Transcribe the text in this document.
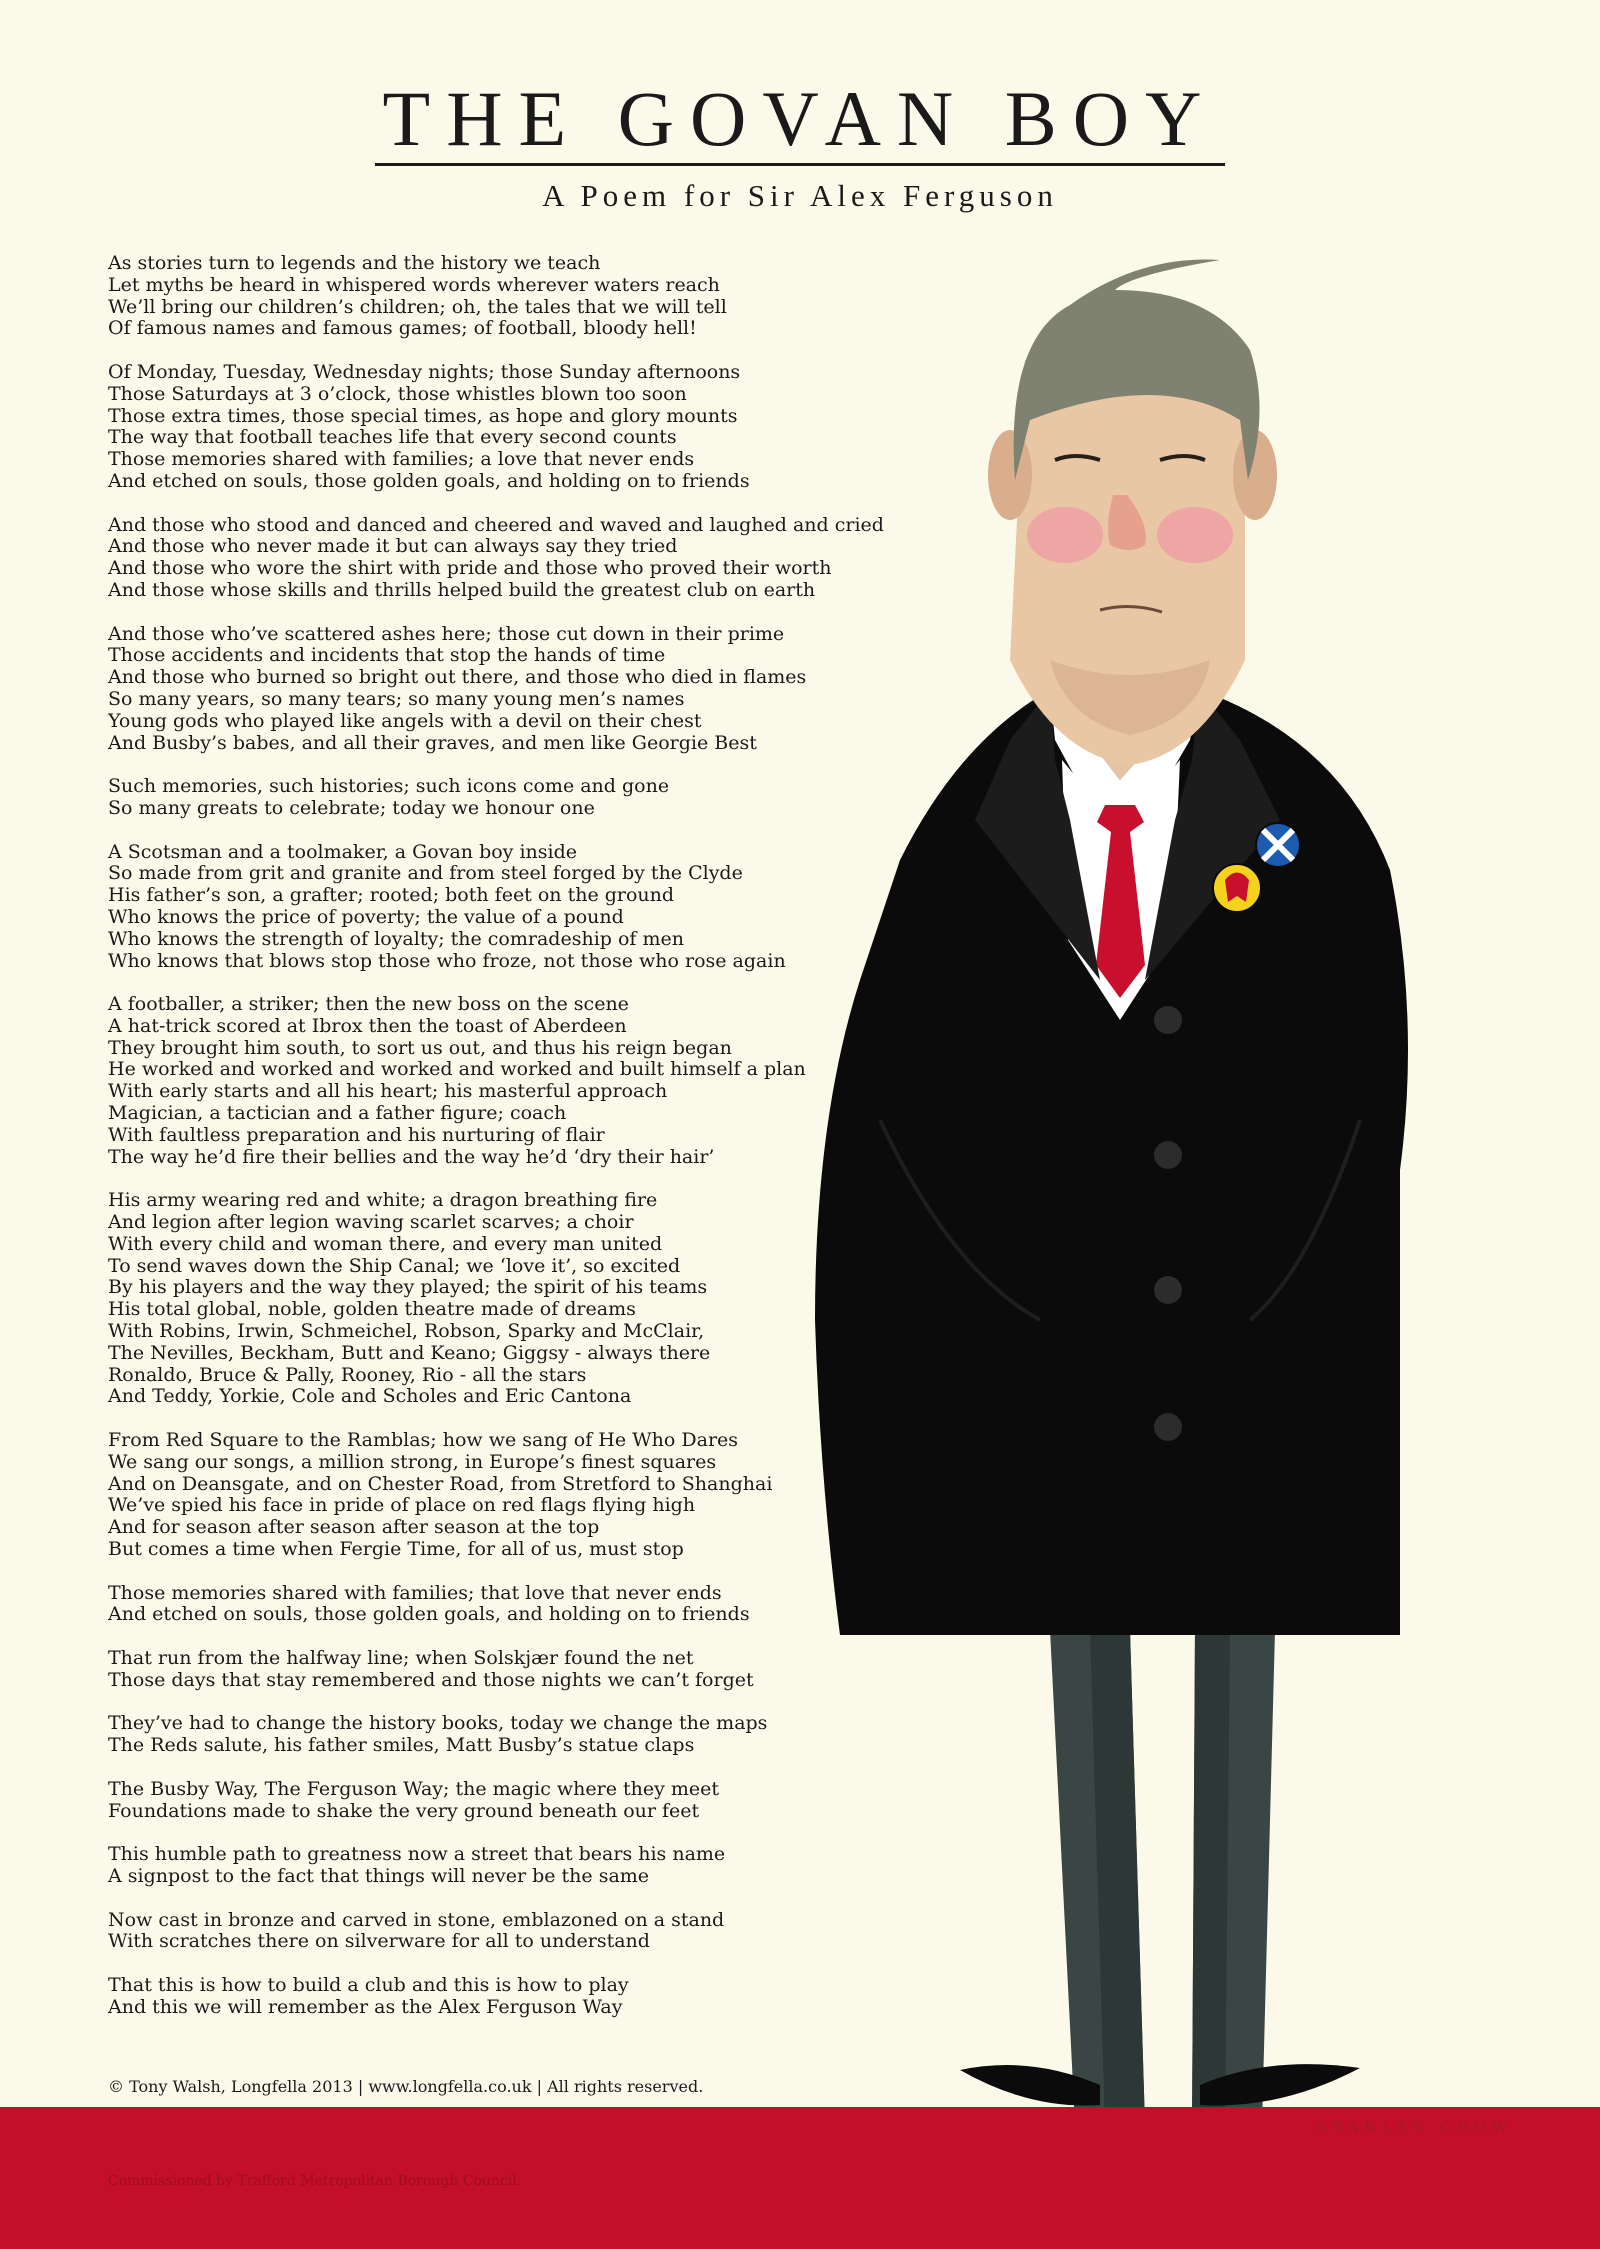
THE GOVAN BOY
A Poem for Sir Alex Ferguson
As stories turn to legends and the history we teach
Let myths be heard in whispered words wherever waters reach
We’ll bring our children’s children; oh, the tales that we will tell
Of famous names and famous games; of football, bloody hell!
Of Monday, Tuesday, Wednesday nights; those Sunday afternoons
Those Saturdays at 3 o’clock, those whistles blown too soon
Those extra times, those special times, as hope and glory mounts
The way that football teaches life that every second counts
Those memories shared with families; a love that never ends
And etched on souls, those golden goals, and holding on to friends
And those who stood and danced and cheered and waved and laughed and cried
And those who never made it but can always say they tried
And those who wore the shirt with pride and those who proved their worth
And those whose skills and thrills helped build the greatest club on earth
And those who’ve scattered ashes here; those cut down in their prime
Those accidents and incidents that stop the hands of time
And those who burned so bright out there, and those who died in flames
So many years, so many tears; so many young men’s names
Young gods who played like angels with a devil on their chest
And Busby’s babes, and all their graves, and men like Georgie Best
Such memories, such histories; such icons come and gone
So many greats to celebrate; today we honour one
A Scotsman and a toolmaker, a Govan boy inside
So made from grit and granite and from steel forged by the Clyde
His father’s son, a grafter; rooted; both feet on the ground
Who knows the price of poverty; the value of a pound
Who knows the strength of loyalty; the comradeship of men
Who knows that blows stop those who froze, not those who rose again
A footballer, a striker; then the new boss on the scene
A hat-trick scored at Ibrox then the toast of Aberdeen
They brought him south, to sort us out, and thus his reign began
He worked and worked and worked and worked and built himself a plan
With early starts and all his heart; his masterful approach
Magician, a tactician and a father figure; coach
With faultless preparation and his nurturing of flair
The way he’d fire their bellies and the way he’d ‘dry their hair’
His army wearing red and white; a dragon breathing fire
And legion after legion waving scarlet scarves; a choir
With every child and woman there, and every man united
To send waves down the Ship Canal; we ‘love it’, so excited
By his players and the way they played; the spirit of his teams
His total global, noble, golden theatre made of dreams
With Robins, Irwin, Schmeichel, Robson, Sparky and McClair,
The Nevilles, Beckham, Butt and Keano; Giggsy - always there
Ronaldo, Bruce & Pally, Rooney, Rio - all the stars
And Teddy, Yorkie, Cole and Scholes and Eric Cantona
From Red Square to the Ramblas; how we sang of He Who Dares
We sang our songs, a million strong, in Europe’s finest squares
And on Deansgate, and on Chester Road, from Stretford to Shanghai
We’ve spied his face in pride of place on red flags flying high
And for season after season after season at the top
But comes a time when Fergie Time, for all of us, must stop
Those memories shared with families; that love that never ends
And etched on souls, those golden goals, and holding on to friends
That run from the halfway line; when Solskjær found the net
Those days that stay remembered and those nights we can’t forget
They’ve had to change the history books, today we change the maps
The Reds salute, his father smiles, Matt Busby’s statue claps
The Busby Way, The Ferguson Way; the magic where they meet
Foundations made to shake the very ground beneath our feet
This humble path to greatness now a street that bears his name
A signpost to the fact that things will never be the same
Now cast in bronze and carved in stone, emblazoned on a stand
With scratches there on silverware for all to understand
That this is how to build a club and this is how to play
And this we will remember as the Alex Ferguson Way
© Tony Walsh, Longfella 2013 | www.longfella.co.uk | All rights reserved.
Commissioned by Trafford Metropolitan Borough Council.
STANLEY CHOW
